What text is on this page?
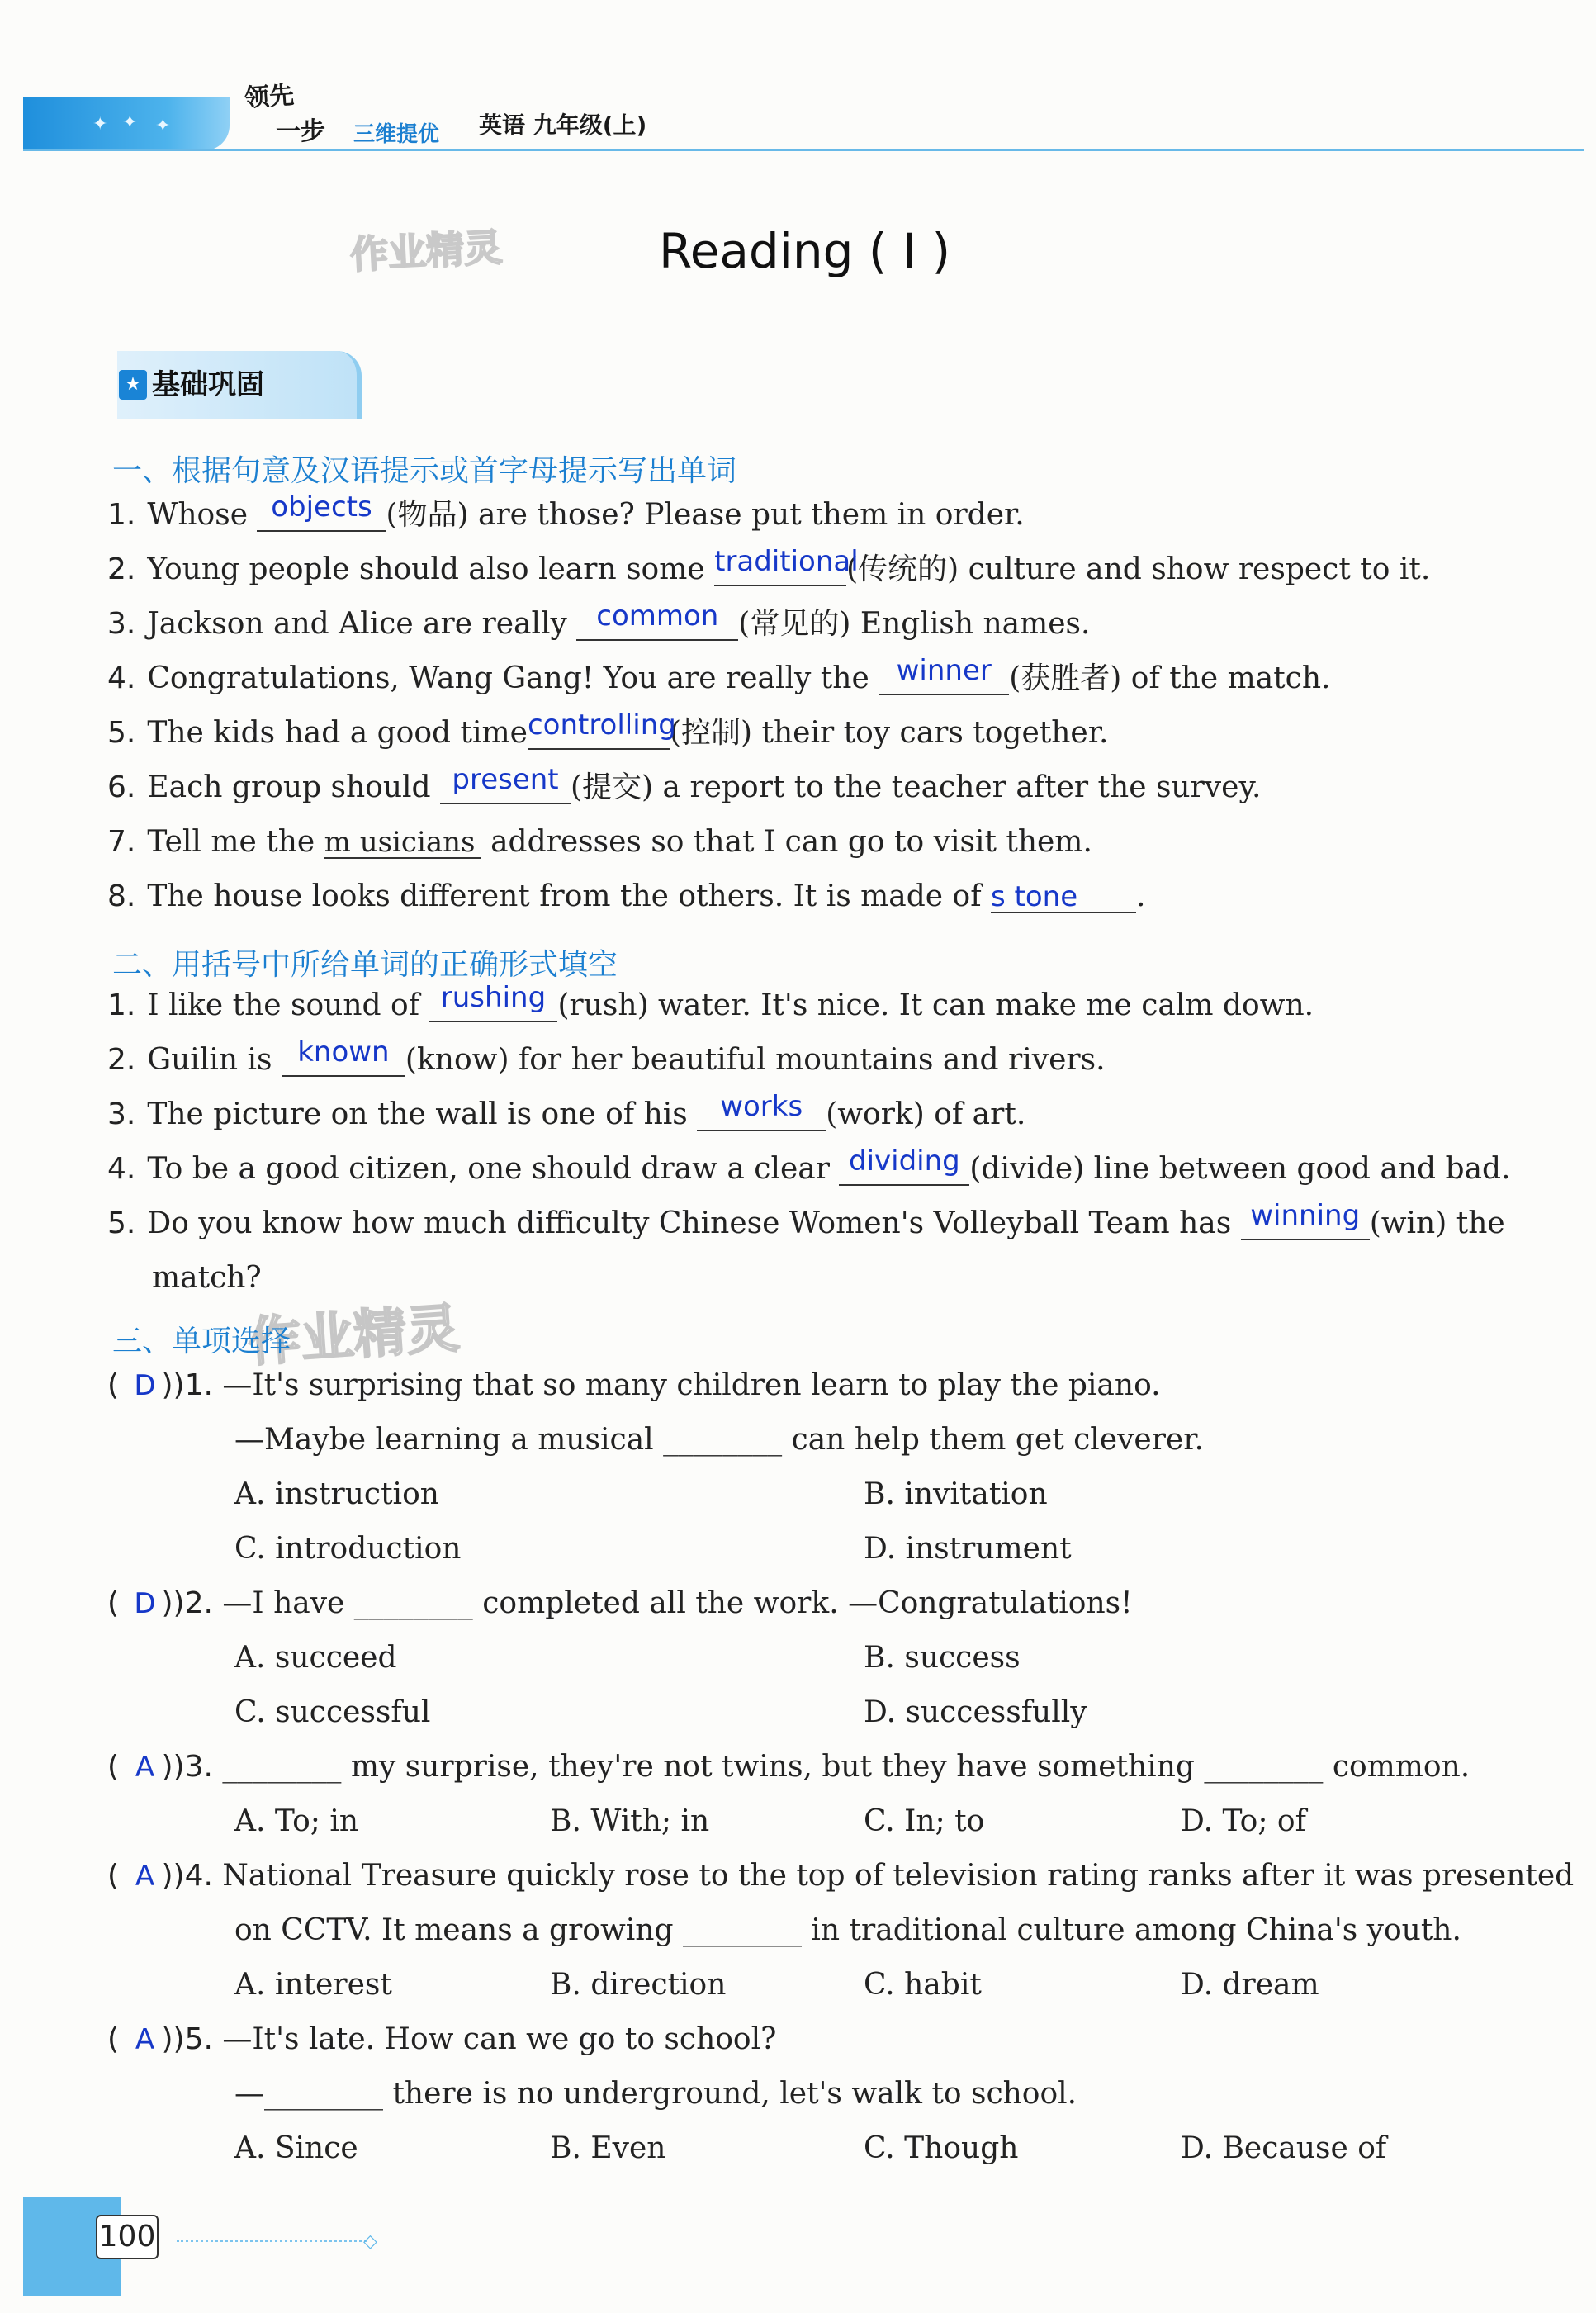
✦ ✦ ✦
领先
一步 三维提优 英语 九年级(上)
作业精灵	Reading ( Ⅰ )
★ 基础巩固
一、根据句意及汉语提示或首字母提示写出单词
1. Whose objects (物品) are those? Please put them in order.
2. Young people should also learn some traditional(传统的) culture and show respect to it.
3. Jackson and Alice are really common (常见的) English names.
4. Congratulations, Wang Gang! You are really the winner (获胜者) of the match.
5. The kids had a good timecontrolling(控制) their toy cars together.
6. Each group should present (提交) a report to the teacher after the survey.
7. Tell me the m usicians addresses so that I can go to visit them.
8. The house looks different from the others. It is made of s tone .
二、用括号中所给单词的正确形式填空
1. I like the sound of rushing (rush) water. It's nice. It can make me calm down.
2. Guilin is known (know) for her beautiful mountains and rivers.
3. The picture on the wall is one of his works (work) of art.
4. To be a good citizen, one should draw a clear dividing (divide) line between good and bad.
5. Do you know how much difficulty Chinese Women's Volleyball Team has winning (win) the
match?
作业精灵
三、单项选择
( D ))1. —It's surprising that so many children learn to play the piano.
—Maybe learning a musical ________ can help them get cleverer.
A. instruction	B. invitation
C. introduction	D. instrument
( D ))2. —I have ________ completed all the work. —Congratulations!
A. succeed	B. success
C. successful	D. successfully
( A ))3. ________ my surprise, they're not twins, but they have something ________ common.
A. To; in	B. With; in	C. In; to	D. To; of
( A ))4. National Treasure quickly rose to the top of television rating ranks after it was presented
on CCTV. It means a growing ________ in traditional culture among China's youth.
A. interest	B. direction	C. habit	D. dream
( A ))5. —It's late. How can we go to school?
—________ there is no underground, let's walk to school.
A. Since	B. Even	C. Though	D. Because of
100	◇
